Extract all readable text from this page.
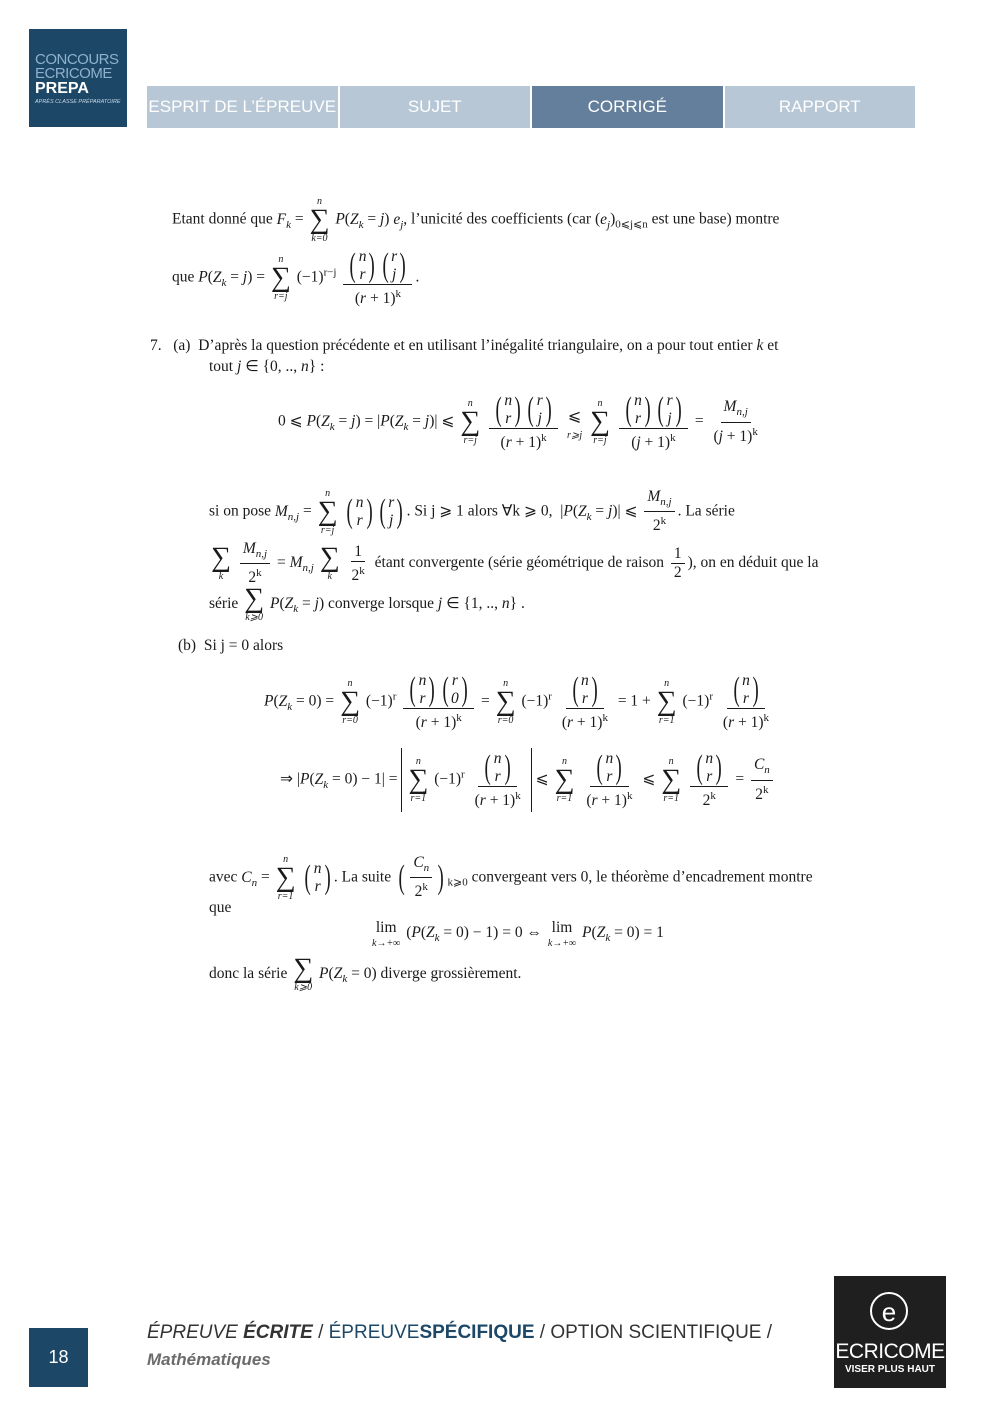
CONCOURS
ECRICOME
PREPA
APRÈS CLASSE PRÉPARATOIRE ESPRIT DE L’ÉPREUVE	SUJET	CORRIGÉ	RAPPORT
Etant donné que $F_k$ =
n
∑
k=0
$P(Z_k = j)$ $e_j$, l’unicité des coefficients (car $(e_j)_{0⩽j⩽n}$ est une base) montre
que $P(Z_k = j)$ =
n
∑
r=j
$(-1)^{r-j}$ ( n
r ) ( r
j )
$(r + 1)^k$ .
7. (a) D’après la question précédente et en utilisant l’inégalité triangulaire, on a pour tout entier k et
tout j ∈ {0, .., n} :
0 ⩽ $P(Z_k = j) = |P(Z_k = j)|$ ⩽
n
∑
r=j
( n
r ) ( r
j )
$(r + 1)^k$
⩽
r⩾j

n
∑
r=j
( n
r ) ( r
j )
$(j + 1)^k = \frac{M_{n,j}}{(j + 1)^k}$
si on pose $M_{n,j}$ =
n
∑
r=j

( n
r ) ( r
j ) . Si j ⩾ 1 alors ∀k ⩾ 0,  $|P(Z_k = j)|$ ⩽ $\frac{M_{n,j}}{2^k}$ . La série
∑
k
$\frac{M_{n,j}}{2^k} = M_{n,j}$ ∑
k
$\frac{1}{2^k}$ étant convergente (série géométrique de raison $\frac{1}{2}$ ), on en déduit que la
série ∑
k⩾0
$P(Z_k = j)$ converge lorsque j ∈ {1, .., n} .
(b) Si j = 0 alors
$P(Z_k = 0)$ =
n
∑
r=0
$(-1)^r$ ( n
r ) ( r
0 )
$(r + 1)^k$ =
n
∑
r=0
$(-1)^r$ ( n
r )
$(r + 1)^k = 1$ +
n
∑
r=1
$(-1)^r$ ( n
r )
$(r + 1)^k$
⇒ $|P(Z_k = 0) - 1|$ =
n
∑
r=1
$(-1)^r$ ( n
r )
$(r + 1)^k$ ⩽
n
∑
r=1
( n
r )
$(r + 1)^k$ ⩽
n
∑
r=1
( n
r )
$2^k = \frac{C_n}{2^k}$
avec $C_n$ =
n
∑
r=1

( n
r ) . La suite ( $\frac{C_n}{2^k}$ ) $_{k⩾0}$ convergeant vers 0, le théorème d’encadrement montre
que
lim
k→+∞
$(P(Z_k = 0) - 1) = 0$ ⇔ lim
k→+∞
$P(Z_k = 0) = 1$
donc la série ∑
k⩾0
$P(Z_k = 0)$ diverge grossièrement.
18
ÉPREUVE ÉCRITE / ÉPREUVESPÉCIFIQUE / OPTION SCIENTIFIQUE /
Mathématiques
e
ECRICOME
VISER PLUS HAUT
